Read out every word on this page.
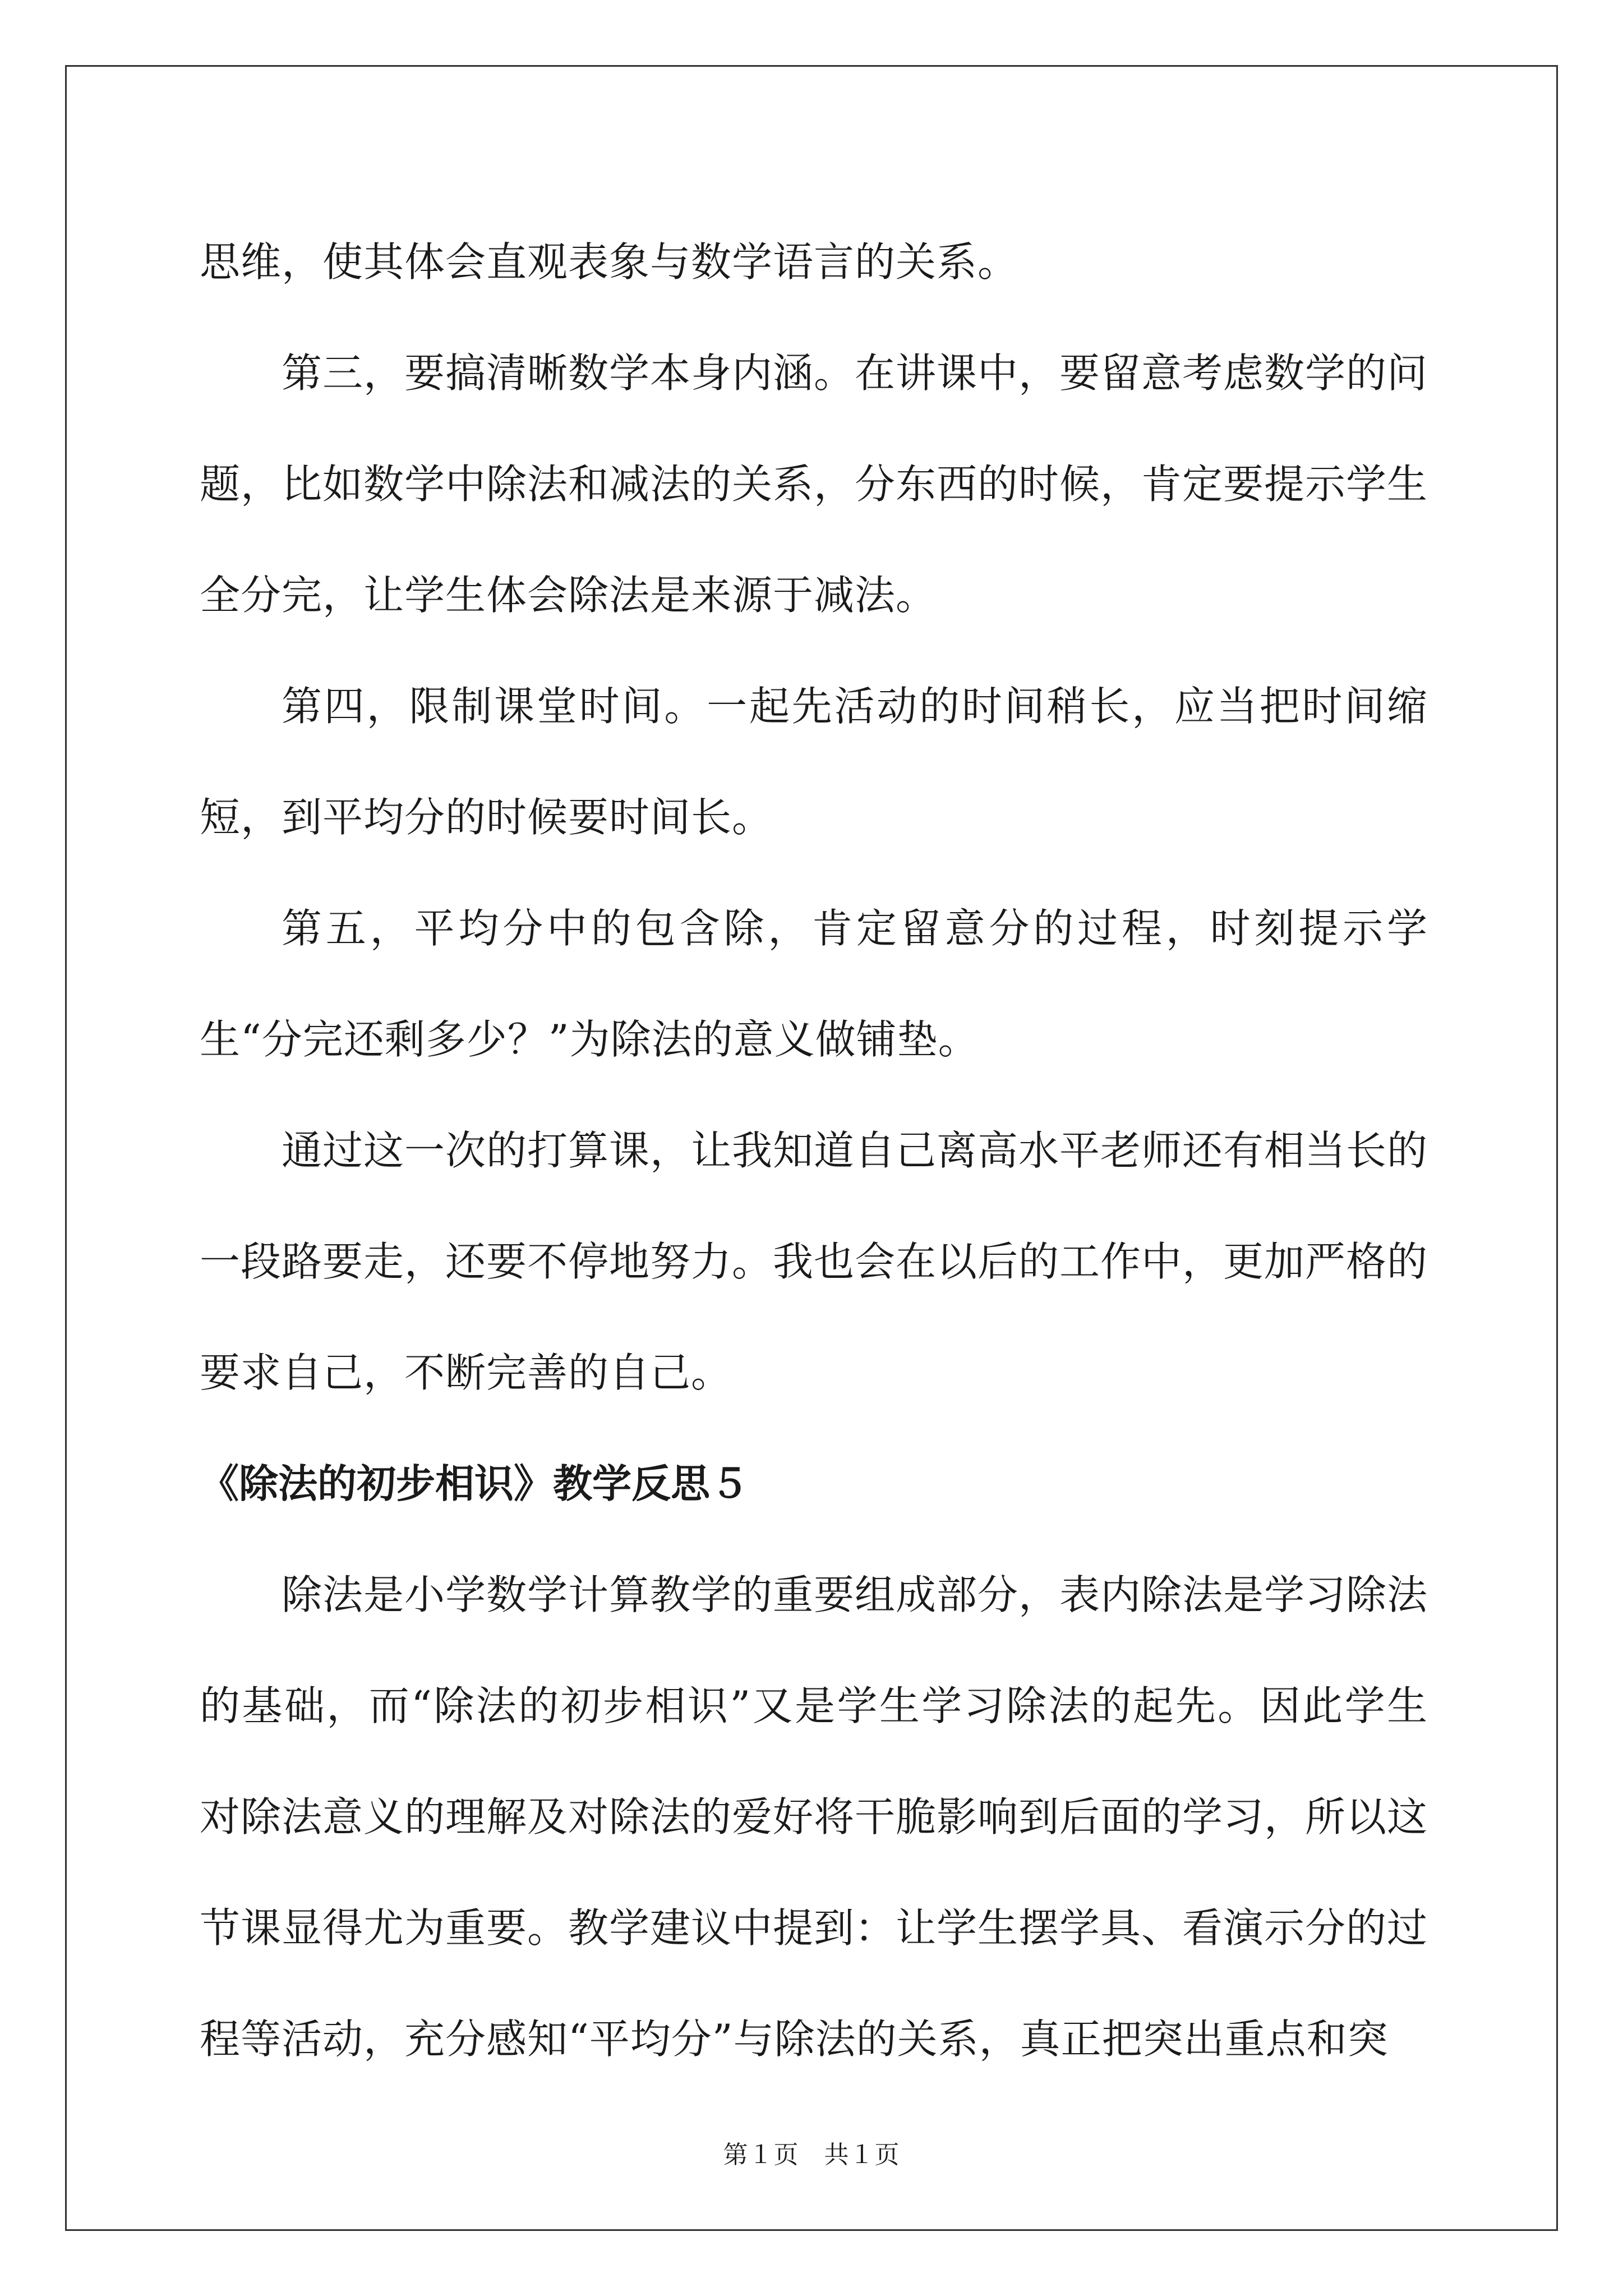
思维，使其体会直观表象与数学语言的关系。

第三，要搞清晰数学本身内涵。在讲课中，要留意考虑数学的问题，比如数学中除法和减法的关系，分东西的时候，肯定要提示学生全分完，让学生体会除法是来源于减法。

第四，限制课堂时间。一起先活动的时间稍长，应当把时间缩短，到平均分的时候要时间长。

第五，平均分中的包含除，肯定留意分的过程，时刻提示学生“分完还剩多少？”为除法的意义做铺垫。

通过这一次的打算课，让我知道自己离高水平老师还有相当长的一段路要走，还要不停地努力。我也会在以后的工作中，更加严格的要求自己，不断完善的自己。

《除法的初步相识》教学反思５

除法是小学数学计算教学的重要组成部分，表内除法是学习除法的基础，而“除法的初步相识”又是学生学习除法的起先。因此学生对除法意义的理解及对除法的爱好将干脆影响到后面的学习，所以这节课显得尤为重要。教学建议中提到：让学生摆学具、看演示分的过程等活动，充分感知“平均分”与除法的关系，真正把突出重点和突

第１页　共１页
